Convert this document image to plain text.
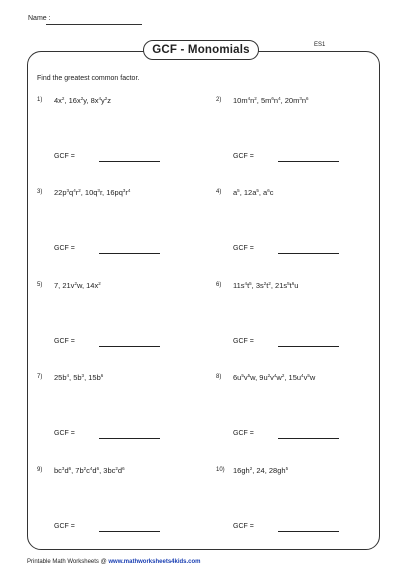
Name :
GCF - Monomials	ES1
Find the greatest common factor.
1)	$4x^2$, $16x^2y$, $8x^4y^2z$
GCF =
2)	$10m^4n^2$, $5m^6n^4$, $20m^3n^6$
GCF =
3)	$22p^3q^4r^2$, $10q^3r$, $16pq^3r^4$
GCF =
4)	$a^5$, $12a^5$, $a^6c$
GCF =
5)	7, $21v^2w$, $14x^2$
GCF =
6)	$11s^4t^5$, $3s^2t^2$, $21s^5t^6u$
GCF =
7)	$25b^4$, $5b^3$, $15b^6$
GCF =
8)	$6u^5v^5w$, $9u^2v^4w^2$, $15u^4v^5w$
GCF =
9)	$bc^3d^6$, $7b^2c^4d^6$, $3bc^2d^6$
GCF =
10)	$16gh^2$, 24, $28gh^5$
GCF =
Printable Math Worksheets @ www.mathworksheets4kids.com
